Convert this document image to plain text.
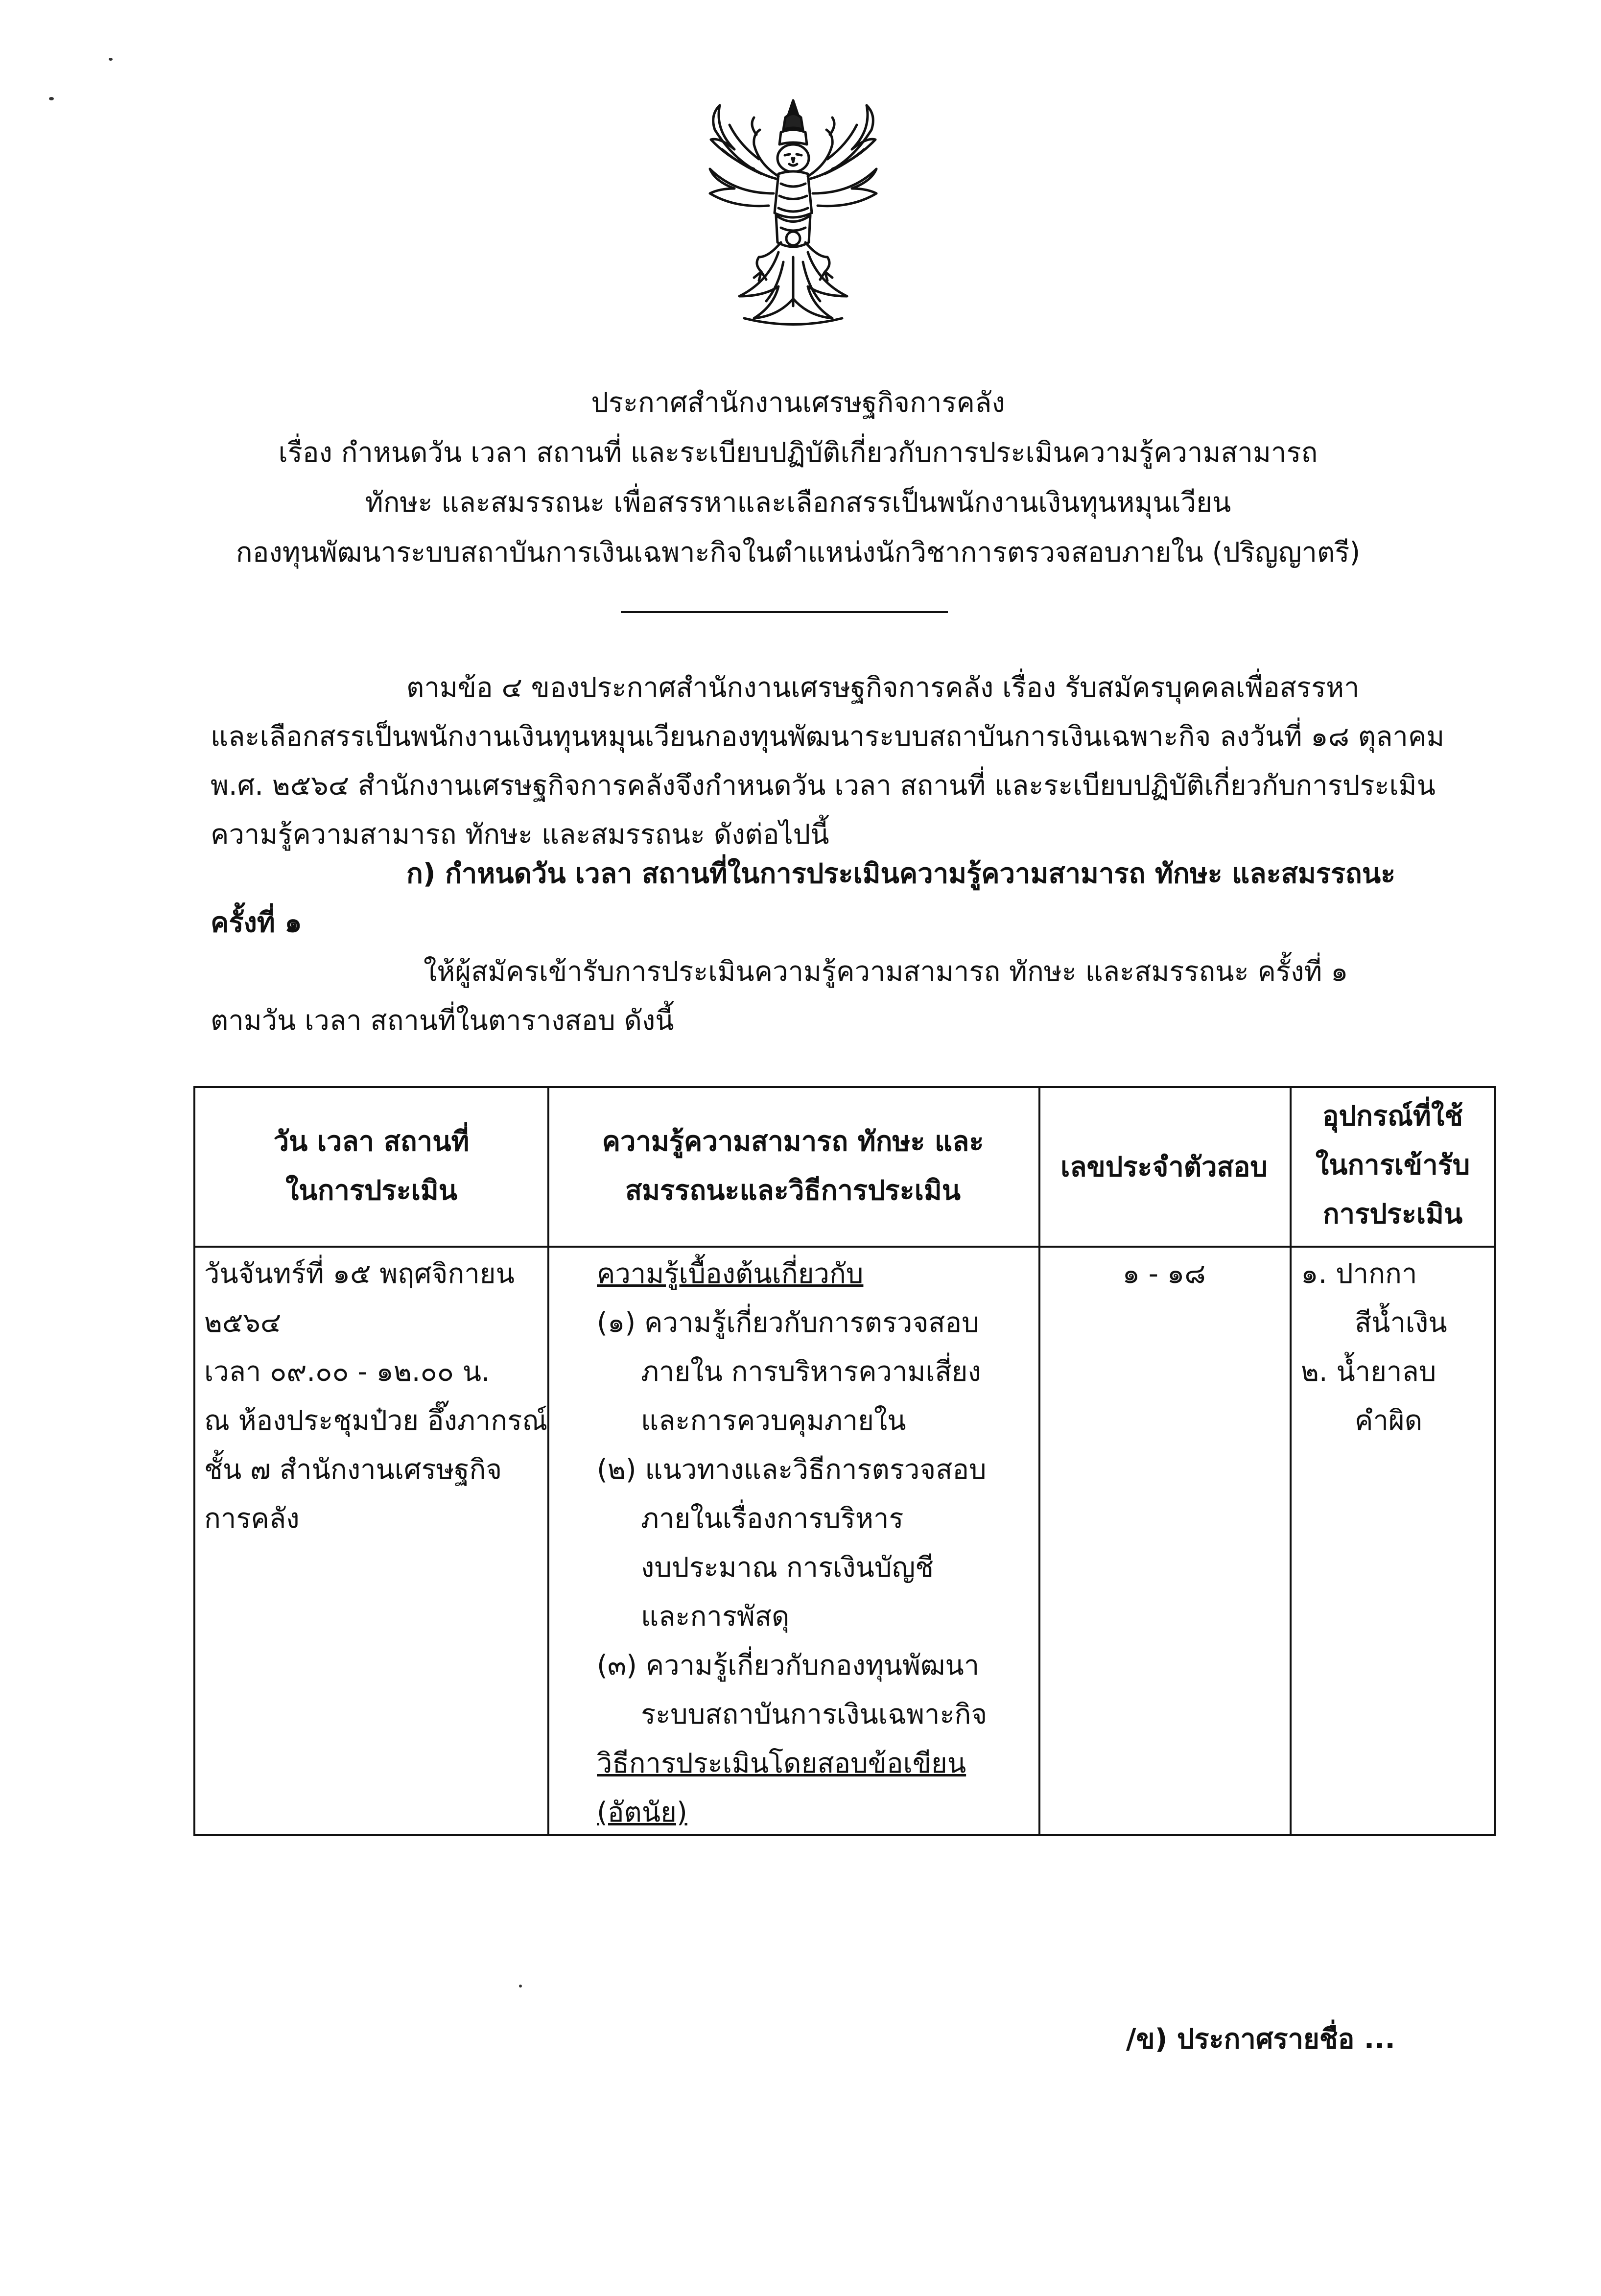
ประกาศสำนักงานเศรษฐกิจการคลัง
เรื่อง กำหนดวัน เวลา สถานที่ และระเบียบปฏิบัติเกี่ยวกับการประเมินความรู้ความสามารถ
ทักษะ และสมรรถนะ เพื่อสรรหาและเลือกสรรเป็นพนักงานเงินทุนหมุนเวียน
กองทุนพัฒนาระบบสถาบันการเงินเฉพาะกิจในตำแหน่งนักวิชาการตรวจสอบภายใน (ปริญญาตรี)
ตามข้อ ๔ ของประกาศสำนักงานเศรษฐกิจการคลัง เรื่อง รับสมัครบุคคลเพื่อสรรหา
และเลือกสรรเป็นพนักงานเงินทุนหมุนเวียนกองทุนพัฒนาระบบสถาบันการเงินเฉพาะกิจ ลงวันที่ ๑๘ ตุลาคม
พ.ศ. ๒๕๖๔ สำนักงานเศรษฐกิจการคลังจึงกำหนดวัน เวลา สถานที่ และระเบียบปฏิบัติเกี่ยวกับการประเมิน
ความรู้ความสามารถ ทักษะ และสมรรถนะ ดังต่อไปนี้
ก) กำหนดวัน เวลา สถานที่ในการประเมินความรู้ความสามารถ ทักษะ และสมรรถนะ
ครั้งที่ ๑
ให้ผู้สมัครเข้ารับการประเมินความรู้ความสามารถ ทักษะ และสมรรถนะ ครั้งที่ ๑
ตามวัน เวลา สถานที่ในตารางสอบ ดังนี้
วัน เวลา สถานที่
ในการประเมิน
ความรู้ความสามารถ ทักษะ และ
สมรรถนะและวิธีการประเมิน
เลขประจำตัวสอบ
อุปกรณ์ที่ใช้
ในการเข้ารับ
การประเมิน
วันจันทร์ที่ ๑๕ พฤศจิกายน
๒๕๖๔
เวลา ๐๙.๐๐ - ๑๒.๐๐ น.
ณ ห้องประชุมป๋วย อึ๊งภากรณ์
ชั้น ๗ สำนักงานเศรษฐกิจ
การคลัง
ความรู้เบื้องต้นเกี่ยวกับ
(๑) ความรู้เกี่ยวกับการตรวจสอบ
ภายใน การบริหารความเสี่ยง
และการควบคุมภายใน
(๒) แนวทางและวิธีการตรวจสอบ
ภายในเรื่องการบริหาร
งบประมาณ การเงินบัญชี
และการพัสดุ
(๓) ความรู้เกี่ยวกับกองทุนพัฒนา
ระบบสถาบันการเงินเฉพาะกิจ
วิธีการประเมินโดยสอบข้อเขียน
(อัตนัย)
๑ - ๑๘	๑. ปากกา
สีน้ำเงิน
๒. น้ำยาลบ
คำผิด
/ข) ประกาศรายชื่อ ...
